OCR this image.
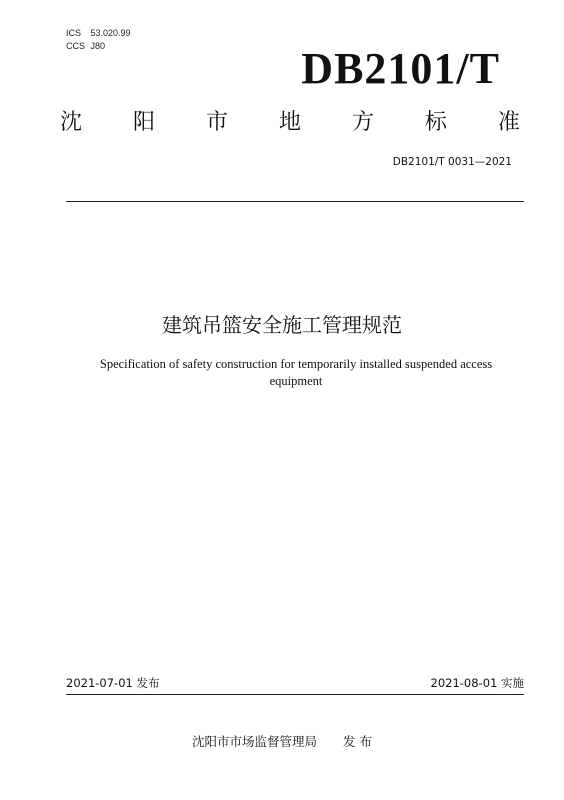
ICS 53.020.99
CCS J80	DB2101/T
沈 阳 市 地 方 标 准
DB2101/T 0031—2021
建筑吊篮安全施工管理规范
Specification of safety construction for temporarily installed suspended access equipment
2021-07-01 发布	2021-08-01 实施
沈阳市市场监督管理局 发 布
